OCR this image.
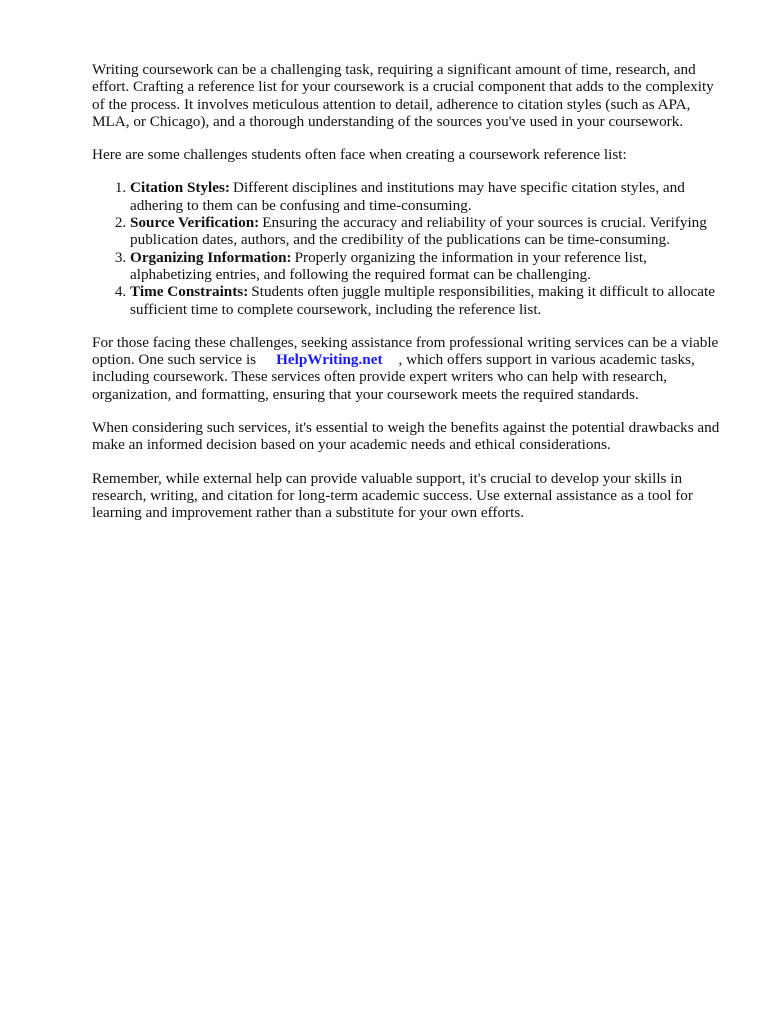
Writing coursework can be a challenging task, requiring a significant amount of time, research, and effort. Crafting a reference list for your coursework is a crucial component that adds to the complexity of the process. It involves meticulous attention to detail, adherence to citation styles (such as APA, MLA, or Chicago), and a thorough understanding of the sources you've used in your coursework.

Here are some challenges students often face when creating a coursework reference list:

1. Citation Styles: Different disciplines and institutions may have specific citation styles, and adhering to them can be confusing and time-consuming.
2. Source Verification: Ensuring the accuracy and reliability of your sources is crucial. Verifying publication dates, authors, and the credibility of the publications can be time-consuming.
3. Organizing Information: Properly organizing the information in your reference list, alphabetizing entries, and following the required format can be challenging.
4. Time Constraints: Students often juggle multiple responsibilities, making it difficult to allocate sufficient time to complete coursework, including the reference list.

For those facing these challenges, seeking assistance from professional writing services can be a viable option. One such service is HelpWriting.net , which offers support in various academic tasks, including coursework. These services often provide expert writers who can help with research, organization, and formatting, ensuring that your coursework meets the required standards.

When considering such services, it's essential to weigh the benefits against the potential drawbacks and make an informed decision based on your academic needs and ethical considerations.

Remember, while external help can provide valuable support, it's crucial to develop your skills in research, writing, and citation for long-term academic success. Use external assistance as a tool for learning and improvement rather than a substitute for your own efforts.
